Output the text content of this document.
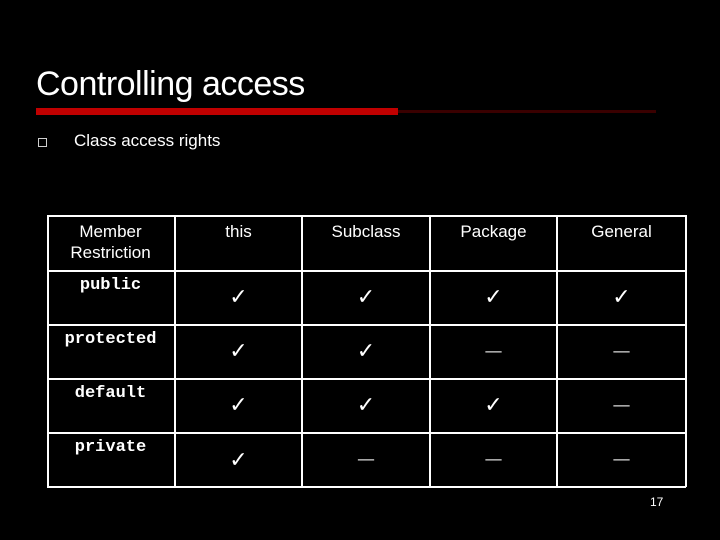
Controlling access
Class access rights
Member
Restriction	this	Subclass	Package	General
public	✓	✓	✓	✓
protected	✓	✓	—	—
default	✓	✓	✓	—
private	✓	—	—	—
17
